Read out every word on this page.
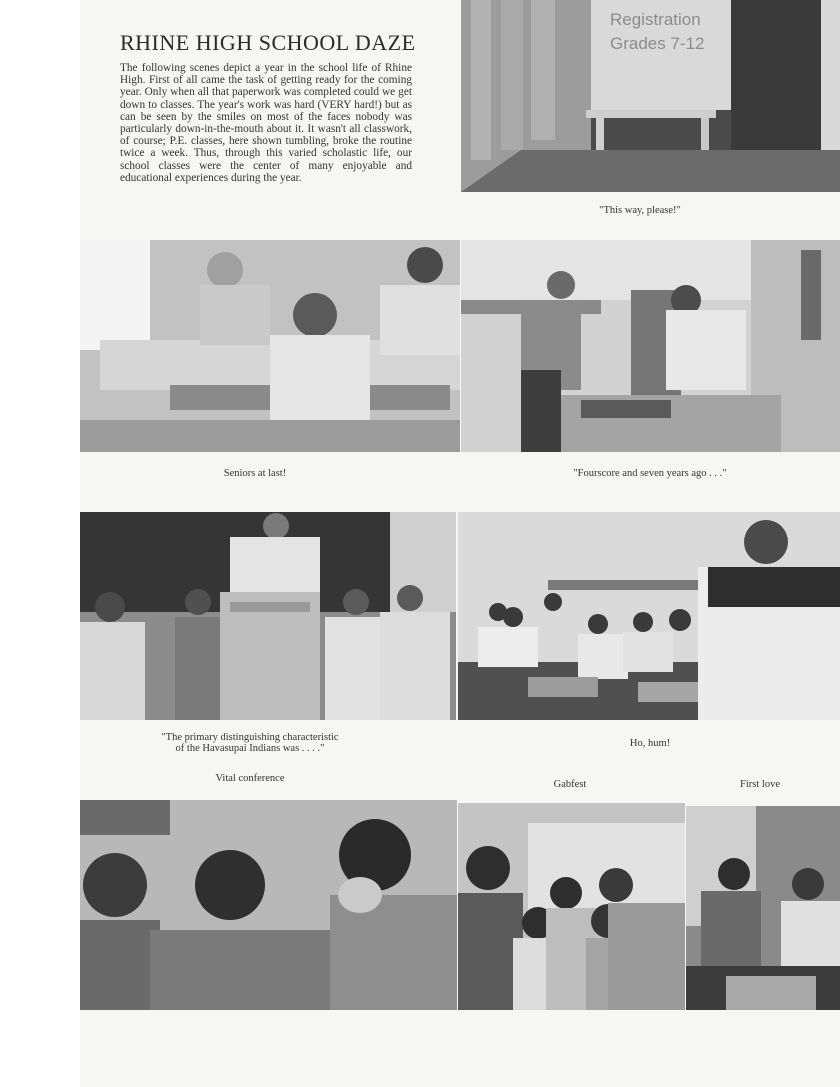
RHINE HIGH SCHOOL DAZE

The following scenes depict a year in the school life of Rhine High. First of all came the task of getting ready for the coming year. Only when all that paperwork was completed could we get down to classes. The year's work was hard (VERY hard!) but as can be seen by the smiles on most of the faces nobody was particularly down-in-the-mouth about it. It wasn't all classwork, of course; P.E. classes, here shown tumbling, broke the routine twice a week. Thus, through this varied scholastic life, our school classes were the center of many enjoyable and educational experiences during the year.

Registration
Grades 7-12

"This way, please!"

Seniors at last!	"Fourscore and seven years ago . . ."

"The primary distinguishing characteristic
of the Havasupai Indians was . . . ."	Ho, hum!

Vital conference

Gabfest	First love
